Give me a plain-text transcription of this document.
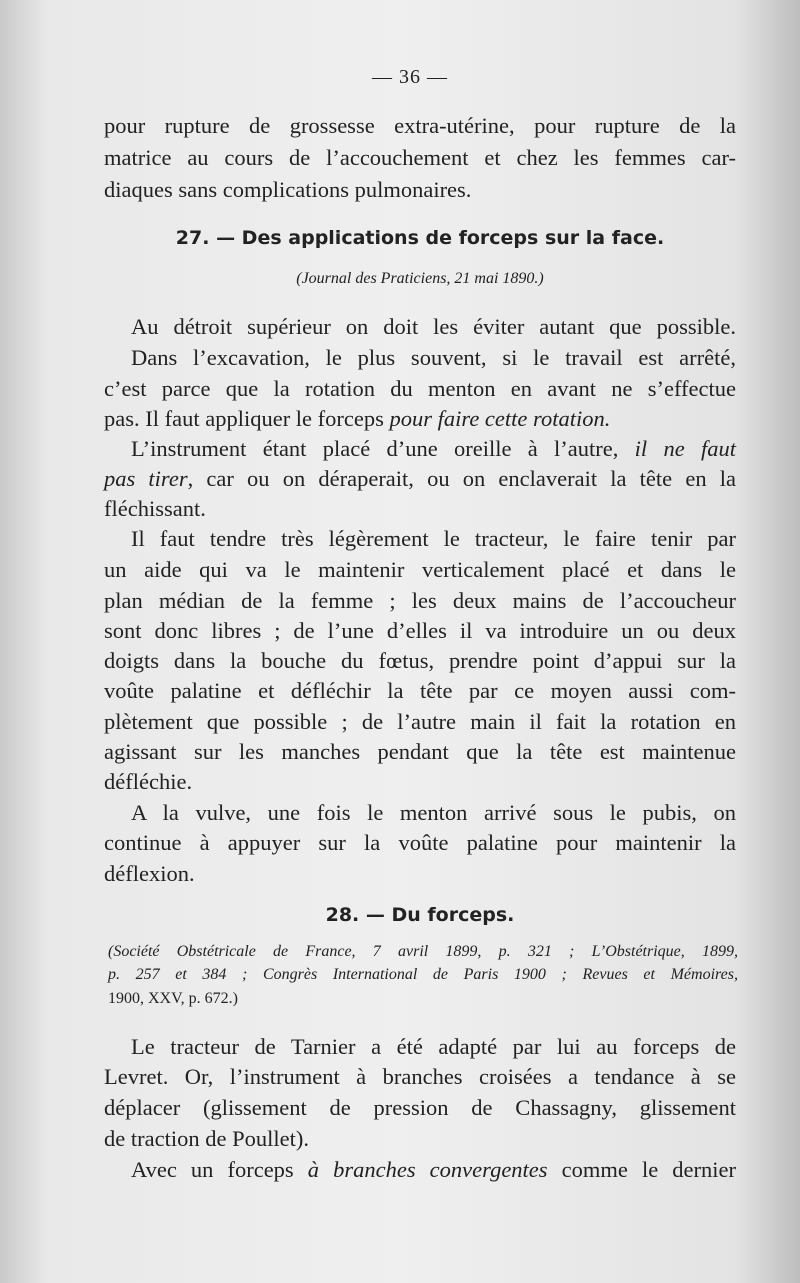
— 36 —
pour rupture de grossesse extra-utérine, pour rupture de la
matrice au cours de l’accouchement et chez les femmes car-
diaques sans complications pulmonaires.
27. — Des applications de forceps sur la face.
(Journal des Praticiens, 21 mai 1890.)
Au détroit supérieur on doit les éviter autant que possible.
Dans l’excavation, le plus souvent, si le travail est arrêté,
c’est parce que la rotation du menton en avant ne s’effectue
pas. Il faut appliquer le forceps pour faire cette rotation.
L’instrument étant placé d’une oreille à l’autre, il ne faut
pas tirer, car ou on déraperait, ou on enclaverait la tête en la
fléchissant.
Il faut tendre très légèrement le tracteur, le faire tenir par
un aide qui va le maintenir verticalement placé et dans le
plan médian de la femme ; les deux mains de l’accoucheur
sont donc libres ; de l’une d’elles il va introduire un ou deux
doigts dans la bouche du fœtus, prendre point d’appui sur la
voûte palatine et défléchir la tête par ce moyen aussi com-
plètement que possible ; de l’autre main il fait la rotation en
agissant sur les manches pendant que la tête est maintenue
défléchie.
A la vulve, une fois le menton arrivé sous le pubis, on
continue à appuyer sur la voûte palatine pour maintenir la
déflexion.
28. — Du forceps.
(Société Obstétricale de France, 7 avril 1899, p. 321 ; L’Obstétrique, 1899,
p. 257 et 384 ; Congrès International de Paris 1900 ; Revues et Mémoires,
1900, XXV, p. 672.)
Le tracteur de Tarnier a été adapté par lui au forceps de
Levret. Or, l’instrument à branches croisées a tendance à se
déplacer (glissement de pression de Chassagny, glissement
de traction de Poullet).
Avec un forceps à branches convergentes comme le dernier
